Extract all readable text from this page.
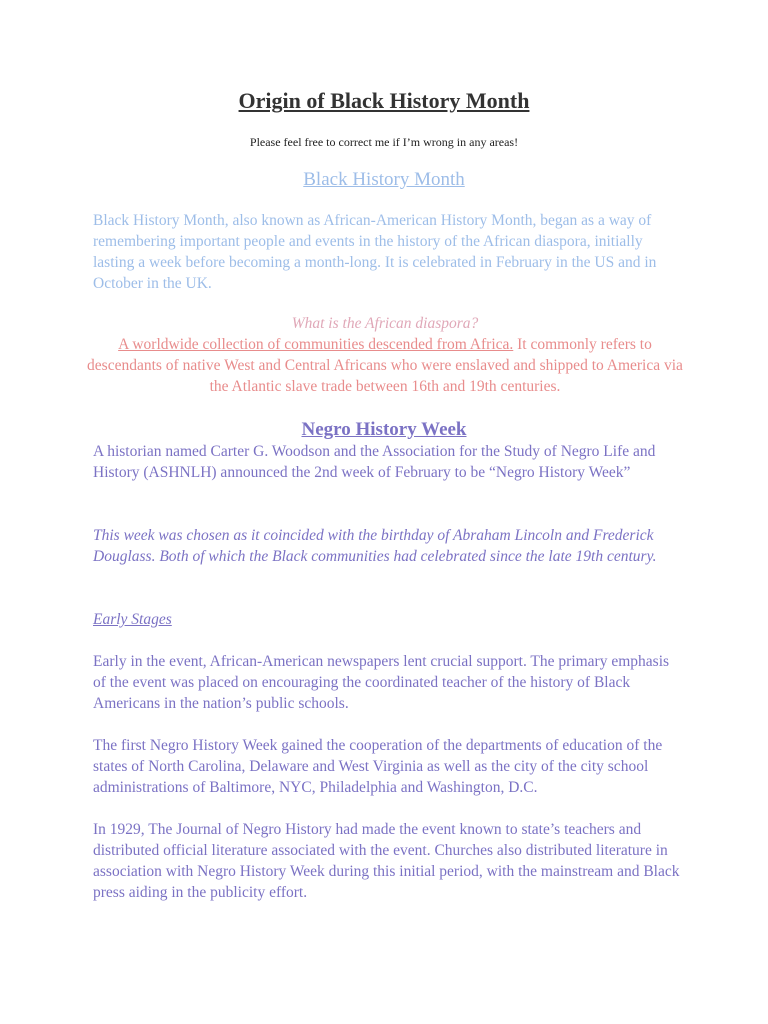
Origin of Black History Month
Please feel free to correct me if I’m wrong in any areas!
Black History Month

Black History Month, also known as African-American History Month, began as a way of remembering important people and events in the history of the African diaspora, initially lasting a week before becoming a month-long. It is celebrated in February in the US and in October in the UK.

What is the African diaspora?
A worldwide collection of communities descended from Africa. It commonly refers to descendants of native West and Central Africans who were enslaved and shipped to America via the Atlantic slave trade between 16th and 19th centuries.

Negro History Week

A historian named Carter G. Woodson and the Association for the Study of Negro Life and History (ASHNLH) announced the 2nd week of February to be “Negro History Week”

This week was chosen as it coincided with the birthday of Abraham Lincoln and Frederick Douglass. Both of which the Black communities had celebrated since the late 19th century.

Early Stages

Early in the event, African-American newspapers lent crucial support. The primary emphasis of the event was placed on encouraging the coordinated teacher of the history of Black Americans in the nation’s public schools.

The first Negro History Week gained the cooperation of the departments of education of the states of North Carolina, Delaware and West Virginia as well as the city of the city school administrations of Baltimore, NYC, Philadelphia and Washington, D.C.

In 1929, The Journal of Negro History had made the event known to state’s teachers and distributed official literature associated with the event. Churches also distributed literature in association with Negro History Week during this initial period, with the mainstream and Black press aiding in the publicity effort.
